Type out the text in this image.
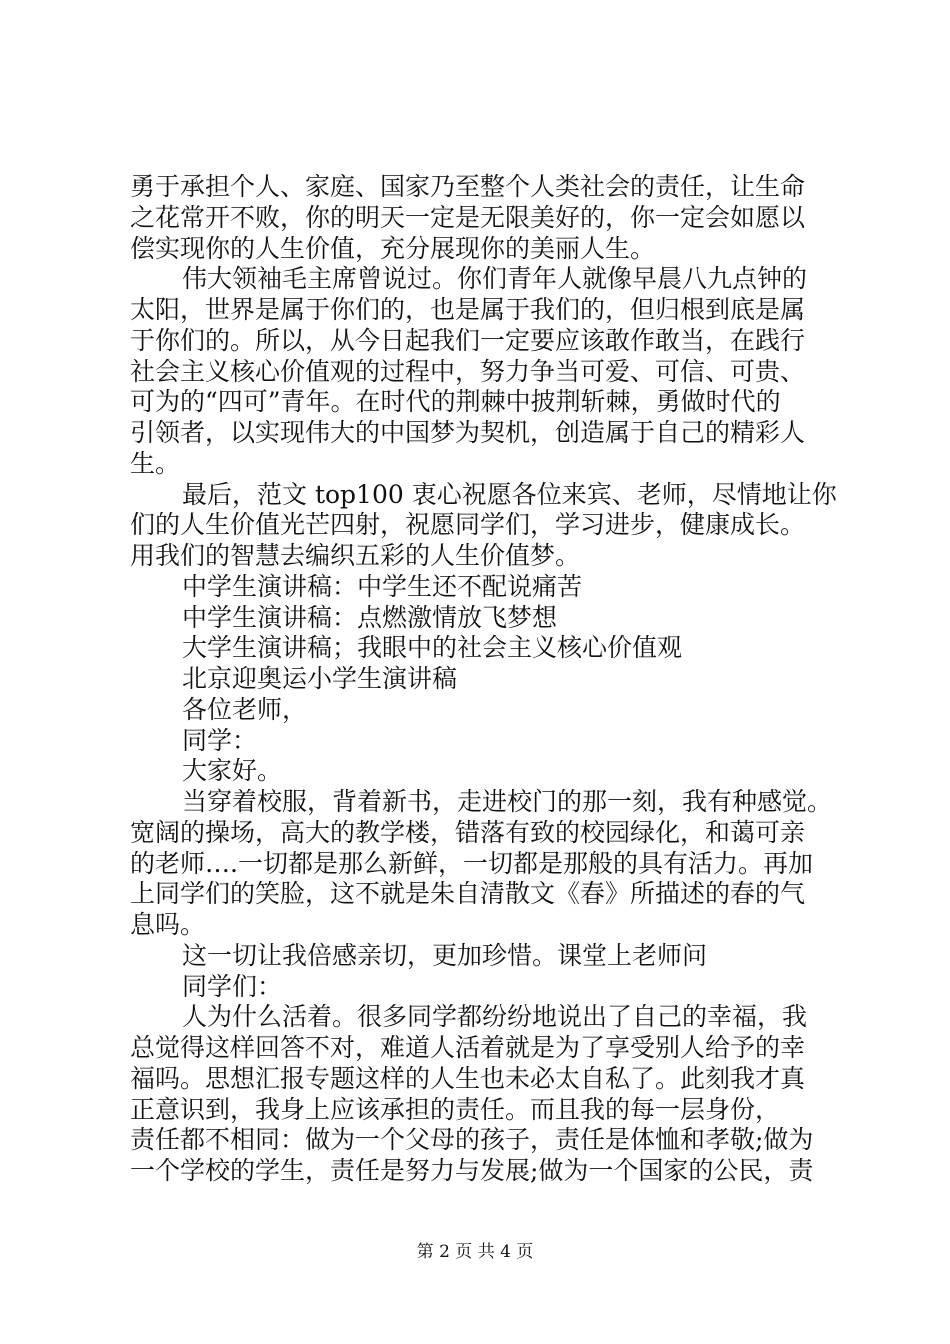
勇于承担个人、家庭、国家乃至整个人类社会的责任，让生命
之花常开不败，你的明天一定是无限美好的，你一定会如愿以
偿实现你的人生价值，充分展现你的美丽人生。
伟大领袖毛主席曾说过。你们青年人就像早晨八九点钟的
太阳，世界是属于你们的，也是属于我们的，但归根到底是属
于你们的。所以，从今日起我们一定要应该敢作敢当，在践行
社会主义核心价值观的过程中，努力争当可爱、可信、可贵、
可为的“四可”青年。在时代的荆棘中披荆斩棘，勇做时代的
引领者，以实现伟大的中国梦为契机，创造属于自己的精彩人
生。
最后，范文 top100 衷心祝愿各位来宾、老师，尽情地让你
们的人生价值光芒四射，祝愿同学们，学习进步，健康成长。
用我们的智慧去编织五彩的人生价值梦。
中学生演讲稿：中学生还不配说痛苦
中学生演讲稿：点燃激情放飞梦想
大学生演讲稿；我眼中的社会主义核心价值观
北京迎奥运小学生演讲稿
各位老师，
同学：
大家好。
当穿着校服，背着新书，走进校门的那一刻，我有种感觉。
宽阔的操场，高大的教学楼，错落有致的校园绿化，和蔼可亲
的老师….一切都是那么新鲜，一切都是那般的具有活力。再加
上同学们的笑脸，这不就是朱自清散文《春》所描述的春的气
息吗。
这一切让我倍感亲切，更加珍惜。课堂上老师问
同学们：
人为什么活着。很多同学都纷纷地说出了自己的幸福，我
总觉得这样回答不对，难道人活着就是为了享受别人给予的幸
福吗。思想汇报专题这样的人生也未必太自私了。此刻我才真
正意识到，我身上应该承担的责任。而且我的每一层身份，
责任都不相同：做为一个父母的孩子，责任是体恤和孝敬;做为
一个学校的学生，责任是努力与发展;做为一个国家的公民，责
第 2 页 共 4 页
